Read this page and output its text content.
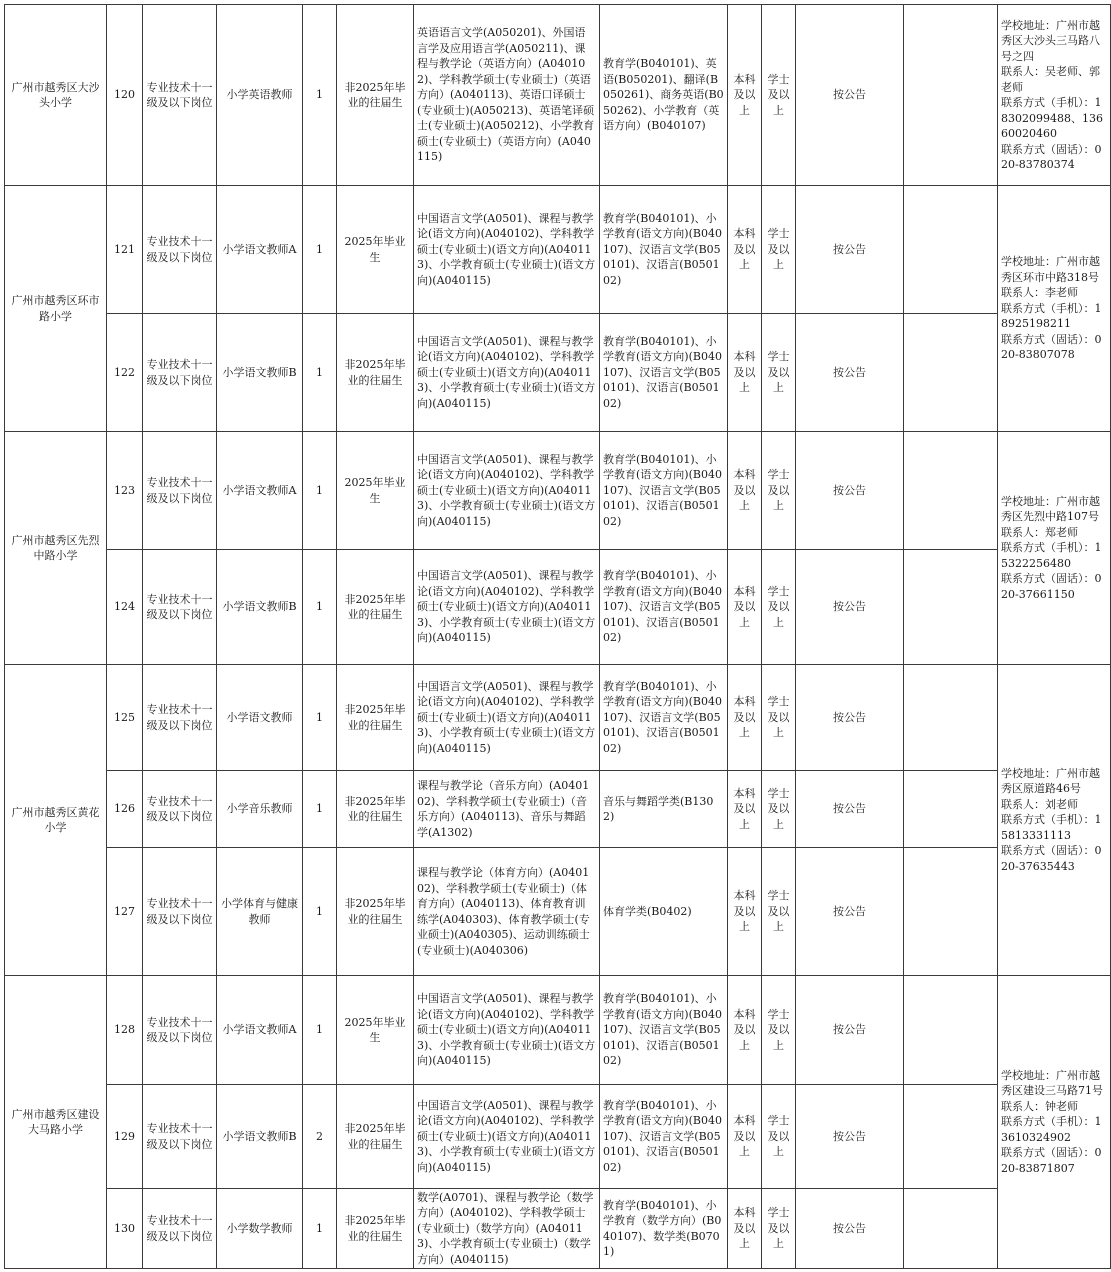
广州市越秀区大沙头小学	120	专业技术十一级及以下岗位	小学英语教师	1	非2025年毕业的往届生	英语语言文学(A050201)、外国语言学及应用语言学(A050211)、课程与教学论（英语方向）(A040102)、学科教学硕士(专业硕士)（英语方向）(A040113)、英语口译硕士(专业硕士)(A050213)、英语笔译硕士(专业硕士)(A050212)、小学教育硕士(专业硕士)（英语方向）(A040115)	教育学(B040101)、英语(B050201)、翻译(B050261)、商务英语(B050262)、小学教育（英语方向）(B040107)	本科及以上	学士及以上	按公告		学校地址：广州市越秀区大沙头三马路八号之四
联系人：吴老师、郭老师
联系方式（手机）：18302099488、13660020460
联系方式（固话）：020-83780374
广州市越秀区环市路小学	121	专业技术十一级及以下岗位	小学语文教师A	1	2025年毕业生	中国语言文学(A0501)、课程与教学论(语文方向)(A040102)、学科教学硕士(专业硕士)(语文方向)(A040113)、小学教育硕士(专业硕士)(语文方向)(A040115)	教育学(B040101)、小学教育(语文方向)(B040107)、汉语言文学(B050101)、汉语言(B050102)	本科及以上	学士及以上	按公告		学校地址：广州市越秀区环市中路318号
联系人：李老师
联系方式（手机）：18925198211
联系方式（固话）：020-83807078
	122	专业技术十一级及以下岗位	小学语文教师B	1	非2025年毕业的往届生	中国语言文学(A0501)、课程与教学论(语文方向)(A040102)、学科教学硕士(专业硕士)(语文方向)(A040113)、小学教育硕士(专业硕士)(语文方向)(A040115)	教育学(B040101)、小学教育(语文方向)(B040107)、汉语言文学(B050101)、汉语言(B050102)	本科及以上	学士及以上	按公告		
广州市越秀区先烈中路小学	123	专业技术十一级及以下岗位	小学语文教师A	1	2025年毕业生	中国语言文学(A0501)、课程与教学论(语文方向)(A040102)、学科教学硕士(专业硕士)(语文方向)(A040113)、小学教育硕士(专业硕士)(语文方向)(A040115)	教育学(B040101)、小学教育(语文方向)(B040107)、汉语言文学(B050101)、汉语言(B050102)	本科及以上	学士及以上	按公告		学校地址：广州市越秀区先烈中路107号
联系人：郑老师
联系方式（手机）：15322256480
联系方式（固话）：020-37661150
	124	专业技术十一级及以下岗位	小学语文教师B	1	非2025年毕业的往届生	中国语言文学(A0501)、课程与教学论(语文方向)(A040102)、学科教学硕士(专业硕士)(语文方向)(A040113)、小学教育硕士(专业硕士)(语文方向)(A040115)	教育学(B040101)、小学教育(语文方向)(B040107)、汉语言文学(B050101)、汉语言(B050102)	本科及以上	学士及以上	按公告		
广州市越秀区黄花小学	125	专业技术十一级及以下岗位	小学语文教师	1	非2025年毕业的往届生	中国语言文学(A0501)、课程与教学论(语文方向)(A040102)、学科教学硕士(专业硕士)(语文方向)(A040113)、小学教育硕士(专业硕士)(语文方向)(A040115)	教育学(B040101)、小学教育(语文方向)(B040107)、汉语言文学(B050101)、汉语言(B050102)	本科及以上	学士及以上	按公告		学校地址：广州市越秀区原道路46号
联系人：刘老师
联系方式（手机）：15813331113
联系方式（固话）：020-37635443
	126	专业技术十一级及以下岗位	小学音乐教师	1	非2025年毕业的往届生	课程与教学论（音乐方向）(A040102)、学科教学硕士(专业硕士)（音乐方向）(A040113)、音乐与舞蹈学(A1302)	音乐与舞蹈学类(B1302)	本科及以上	学士及以上	按公告		
	127	专业技术十一级及以下岗位	小学体育与健康教师	1	非2025年毕业的往届生	课程与教学论（体育方向）(A040102)、学科教学硕士(专业硕士)（体育方向）(A040113)、体育教育训练学(A040303)、体育教学硕士(专业硕士)(A040305)、运动训练硕士(专业硕士)(A040306)	体育学类(B0402)	本科及以上	学士及以上	按公告		
广州市越秀区建设大马路小学	128	专业技术十一级及以下岗位	小学语文教师A	1	2025年毕业生	中国语言文学(A0501)、课程与教学论(语文方向)(A040102)、学科教学硕士(专业硕士)(语文方向)(A040113)、小学教育硕士(专业硕士)(语文方向)(A040115)	教育学(B040101)、小学教育(语文方向)(B040107)、汉语言文学(B050101)、汉语言(B050102)	本科及以上	学士及以上	按公告		学校地址：广州市越秀区建设三马路71号
联系人：钟老师
联系方式（手机）：13610324902
联系方式（固话）：020-83871807
	129	专业技术十一级及以下岗位	小学语文教师B	2	非2025年毕业的往届生	中国语言文学(A0501)、课程与教学论(语文方向)(A040102)、学科教学硕士(专业硕士)(语文方向)(A040113)、小学教育硕士(专业硕士)(语文方向)(A040115)	教育学(B040101)、小学教育(语文方向)(B040107)、汉语言文学(B050101)、汉语言(B050102)	本科及以上	学士及以上	按公告		
	130	专业技术十一级及以下岗位	小学数学教师	1	非2025年毕业的往届生	数学(A0701)、课程与教学论（数学方向）(A040102)、学科教学硕士(专业硕士)（数学方向）(A040113)、小学教育硕士(专业硕士)（数学方向）(A040115)	教育学(B040101)、小学教育（数学方向）(B040107)、数学类(B0701)	本科及以上	学士及以上	按公告		
